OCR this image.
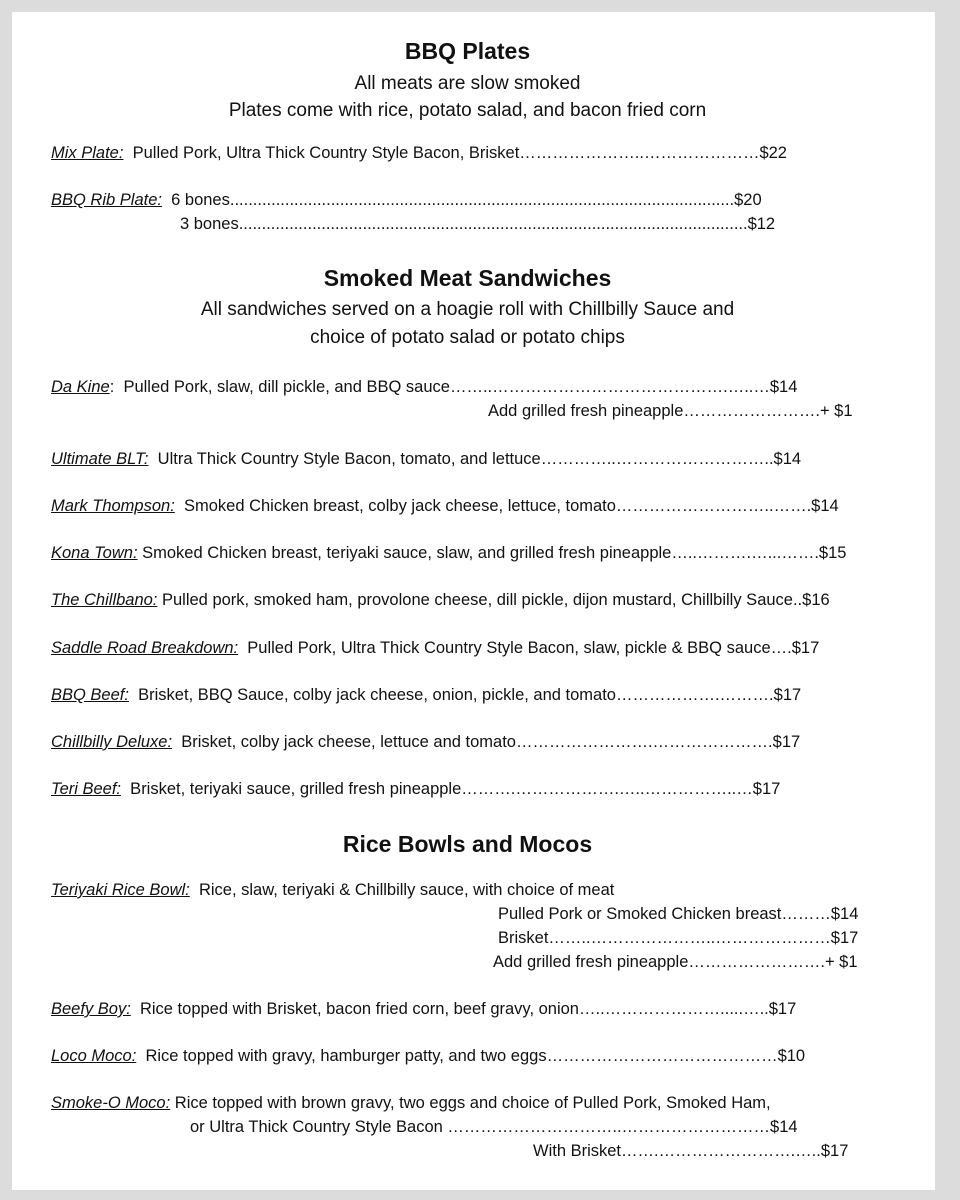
BBQ Plates
All meats are slow smoked
Plates come with rice, potato salad, and bacon fried corn
Mix Plate:  Pulled Pork, Ultra Thick Country Style Bacon, Brisket…………………..…………………$22
BBQ Rib Plate:  6 bones..............................................................................................................$20
3 bones...............................................................................................................$12
Smoked Meat Sandwiches
All sandwiches served on a hoagie roll with Chillbilly Sauce and
choice of potato salad or potato chips
Da Kine:  Pulled Pork, slaw, dill pickle, and BBQ sauce……..…………………………………….…..…$14
Add grilled fresh pineapple…………………….+ $1
Ultimate BLT:  Ultra Thick Country Style Bacon, tomato, and lettuce…………..………………………..$14
Mark Thompson:  Smoked Chicken breast, colby jack cheese, lettuce, tomato………………………..…….$14
Kona Town: Smoked Chicken breast, teriyaki sauce, slaw, and grilled fresh pineapple…..……….…...…….$15
The Chillbano: Pulled pork, smoked ham, provolone cheese, dill pickle, dijon mustard, Chillbilly Sauce..$16
Saddle Road Breakdown:  Pulled Pork, Ultra Thick Country Style Bacon, slaw, pickle & BBQ sauce….$17
BBQ Beef:  Brisket, BBQ Sauce, colby jack cheese, onion, pickle, and tomato……………….……….$17
Chillbilly Deluxe:  Brisket, colby jack cheese, lettuce and tomato…………………….………………….$17
Teri Beef:  Brisket, teriyaki sauce, grilled fresh pineapple……….……………….…..……………..…$17
Rice Bowls and Mocos
Teriyaki Rice Bowl:  Rice, slaw, teriyaki & Chillbilly sauce, with choice of meat
Pulled Pork or Smoked Chicken breast………$14
Brisket……..…………………..…………………$17
Add grilled fresh pineapple…………………….+ $1
Beefy Boy:  Rice topped with Brisket, bacon fried corn, beef gravy, onion…..………………….....…..$17
Loco Moco:  Rice topped with gravy, hamburger patty, and two eggs……………………………………$10
Smoke-O Moco: Rice topped with brown gravy, two eggs and choice of Pulled Pork, Smoked Ham,
or Ultra Thick Country Style Bacon …………………………..………………………$14
With Brisket…….…………………….…..$17
